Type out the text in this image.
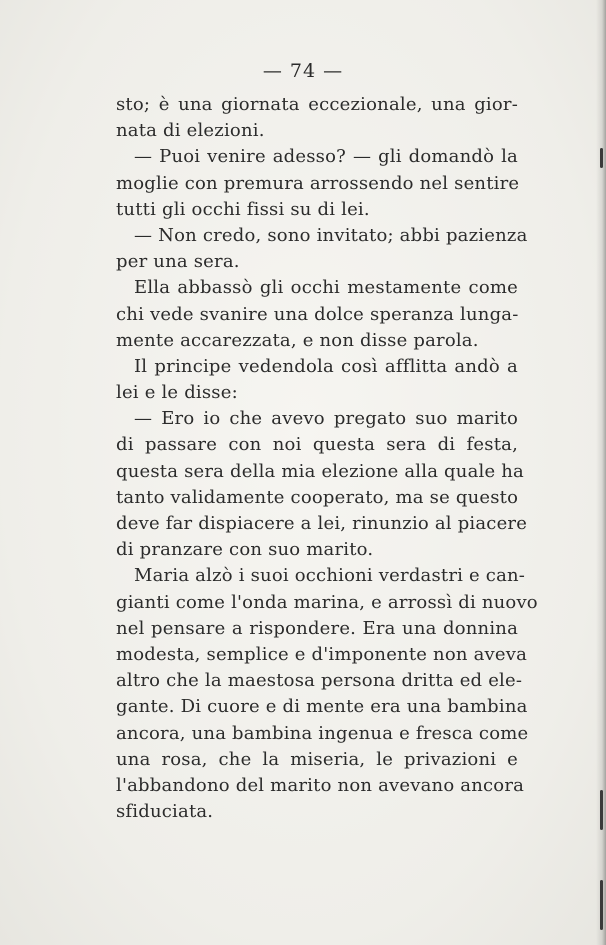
— 74 —
sto; è una giornata eccezionale, una gior-
nata di elezioni.
— Puoi venire adesso? — gli domandò la
moglie con premura arrossendo nel sentire
tutti gli occhi fissi su di lei.
— Non credo, sono invitato; abbi pazienza
per una sera.
Ella abbassò gli occhi mestamente come
chi vede svanire una dolce speranza lunga-
mente accarezzata, e non disse parola.
Il principe vedendola così afflitta andò a
lei e le disse:
— Ero io che avevo pregato suo marito
di passare con noi questa sera di festa,
questa sera della mia elezione alla quale ha
tanto validamente cooperato, ma se questo
deve far dispiacere a lei, rinunzio al piacere
di pranzare con suo marito.
Maria alzò i suoi occhioni verdastri e can-
gianti come l'onda marina, e arrossì di nuovo
nel pensare a rispondere. Era una donnina
modesta, semplice e d'imponente non aveva
altro che la maestosa persona dritta ed ele-
gante. Di cuore e di mente era una bambina
ancora, una bambina ingenua e fresca come
una rosa, che la miseria, le privazioni e
l'abbandono del marito non avevano ancora
sfiduciata.
